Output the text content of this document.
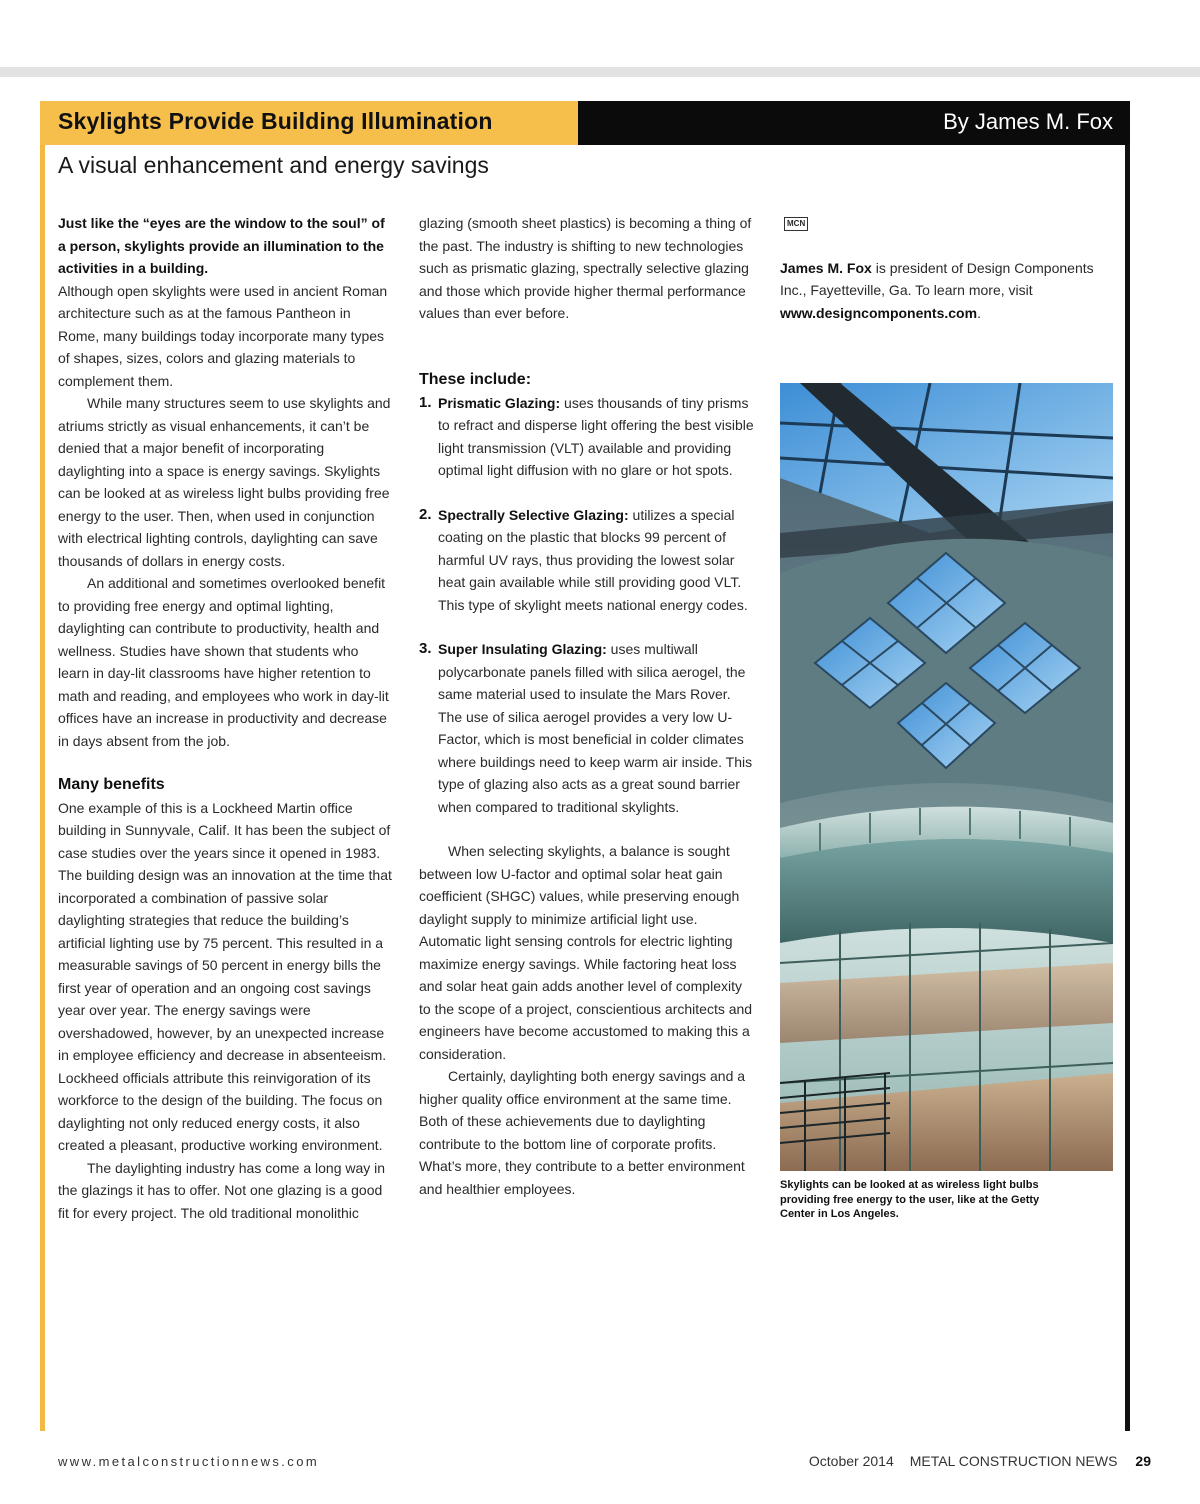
Skylights Provide Building Illumination	By James M. Fox
A visual enhancement and energy savings

Just like the “eyes are the window to the soul” of a person, skylights provide an illumination to the activities in a building.

Although open skylights were used in ancient Roman architecture such as at the famous Pantheon in Rome, many buildings today incorporate many types of shapes, sizes, colors and glazing materials to complement them.

While many structures seem to use skylights and atriums strictly as visual enhancements, it can’t be denied that a major benefit of incorporating daylighting into a space is energy savings. Skylights can be looked at as wireless light bulbs providing free energy to the user. Then, when used in conjunction with electrical lighting controls, daylighting can save thousands of dollars in energy costs.

An additional and sometimes overlooked benefit to providing free energy and optimal lighting, daylighting can contribute to productivity, health and wellness. Studies have shown that students who learn in day-lit classrooms have higher retention to math and reading, and employees who work in day-lit offices have an increase in productivity and decrease in days absent from the job.

Many benefits

One example of this is a Lockheed Martin office building in Sunnyvale, Calif. It has been the subject of case studies over the years since it opened in 1983. The building design was an innovation at the time that incorporated a combination of passive solar daylighting strategies that reduce the building’s artificial lighting use by 75 percent. This resulted in a measurable savings of 50 percent in energy bills the first year of operation and an ongoing cost savings year over year. The energy savings were overshadowed, however, by an unexpected increase in employee efficiency and decrease in absenteeism. Lockheed officials attribute this reinvigoration of its workforce to the design of the building. The focus on daylighting not only reduced energy costs, it also created a pleasant, productive working environment.

The daylighting industry has come a long way in the glazings it has to offer. Not one glazing is a good fit for every project. The old traditional monolithic

glazing (smooth sheet plastics) is becoming a thing of the past. The industry is shifting to new technologies such as prismatic glazing, spectrally selective glazing and those which provide higher thermal performance values than ever before.

These include:

1. Prismatic Glazing: uses thousands of tiny prisms to refract and disperse light offering the best visible light transmission (VLT) available and providing optimal light diffusion with no glare or hot spots.
2. Spectrally Selective Glazing: utilizes a special coating on the plastic that blocks 99 percent of harmful UV rays, thus providing the lowest solar heat gain available while still providing good VLT. This type of skylight meets national energy codes.
3. Super Insulating Glazing: uses multiwall polycarbonate panels filled with silica aerogel, the same material used to insulate the Mars Rover. The use of silica aerogel provides a very low U-Factor, which is most beneficial in colder climates where buildings need to keep warm air inside. This type of glazing also acts as a great sound barrier when compared to traditional skylights.

When selecting skylights, a balance is sought between low U-factor and optimal solar heat gain coefficient (SHGC) values, while preserving enough daylight supply to minimize artificial light use. Automatic light sensing controls for electric lighting maximize energy savings. While factoring heat loss and solar heat gain adds another level of complexity to the scope of a project, conscientious architects and engineers have become accustomed to making this a consideration.

Certainly, daylighting both energy savings and a higher quality office environment at the same time. Both of these achievements due to daylighting contribute to the bottom line of corporate profits. What’s more, they contribute to a better environment and healthier employees.

MCN

James M. Fox is president of Design Components Inc., Fayetteville, Ga. To learn more, visit www.designcomponents.com.

Skylights can be looked at as wireless light bulbs providing free energy to the user, like at the Getty Center in Los Angeles.
www.metalconstructionnews.com	October 2014 METAL CONSTRUCTION NEWS 29
